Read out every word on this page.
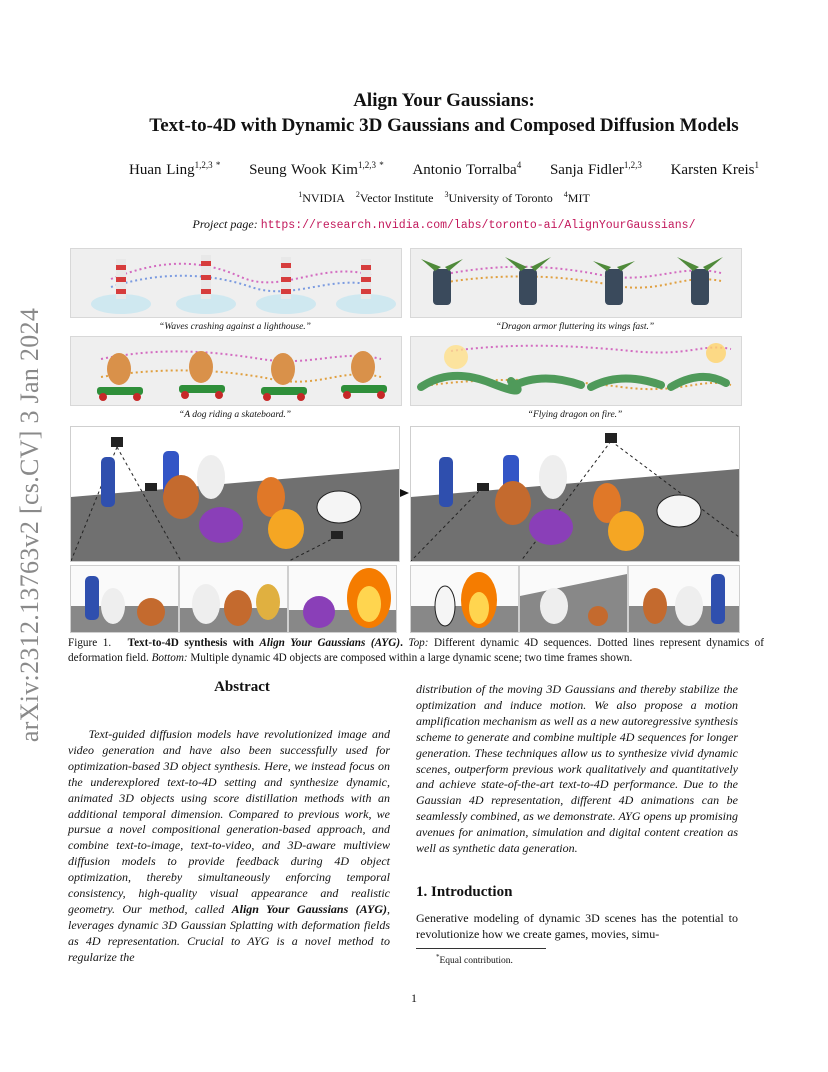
arXiv:2312.13763v2 [cs.CV] 3 Jan 2024
Align Your Gaussians:
Text-to-4D with Dynamic 3D Gaussians and Composed Diffusion Models
Huan Ling$^{1,2,3 *}$ Seung Wook Kim$^{1,2,3 *}$ Antonio Torralba$^4$ Sanja Fidler$^{1,2,3}$ Karsten Kreis$^1$
$^1$NVIDIA $^2$Vector Institute $^3$University of Toronto $^4$MIT
Project page: https://research.nvidia.com/labs/toronto-ai/AlignYourGaussians/
“Waves crashing against a lighthouse.”	“Dragon armor fluttering its wings fast.”
“A dog riding a skateboard.”	“Flying dragon on fire.”
Figure 1. Text-to-4D synthesis with Align Your Gaussians (AYG). Top: Different dynamic 4D sequences. Dotted lines represent dynamics of deformation field. Bottom: Multiple dynamic 4D objects are composed within a large dynamic scene; two time frames shown.
Abstract
Text-guided diffusion models have revolutionized image and video generation and have also been successfully used for optimization-based 3D object synthesis. Here, we instead focus on the underexplored text-to-4D setting and synthesize dynamic, animated 3D objects using score distillation methods with an additional temporal dimension. Compared to previous work, we pursue a novel compositional generation-based approach, and combine text-to-image, text-to-video, and 3D-aware multiview diffusion models to provide feedback during 4D object optimization, thereby simultaneously enforcing temporal consistency, high-quality visual appearance and realistic geometry. Our method, called Align Your Gaussians (AYG), leverages dynamic 3D Gaussian Splatting with deformation fields as 4D representation. Crucial to AYG is a novel method to regularize the
distribution of the moving 3D Gaussians and thereby stabilize the optimization and induce motion. We also propose a motion amplification mechanism as well as a new autoregressive synthesis scheme to generate and combine multiple 4D sequences for longer generation. These techniques allow us to synthesize vivid dynamic scenes, outperform previous work qualitatively and quantitatively and achieve state-of-the-art text-to-4D performance. Due to the Gaussian 4D representation, different 4D animations can be seamlessly combined, as we demonstrate. AYG opens up promising avenues for animation, simulation and digital content creation as well as synthetic data generation.
1. Introduction
Generative modeling of dynamic 3D scenes has the potential to revolutionize how we create games, movies, simu-
*Equal contribution.
1
